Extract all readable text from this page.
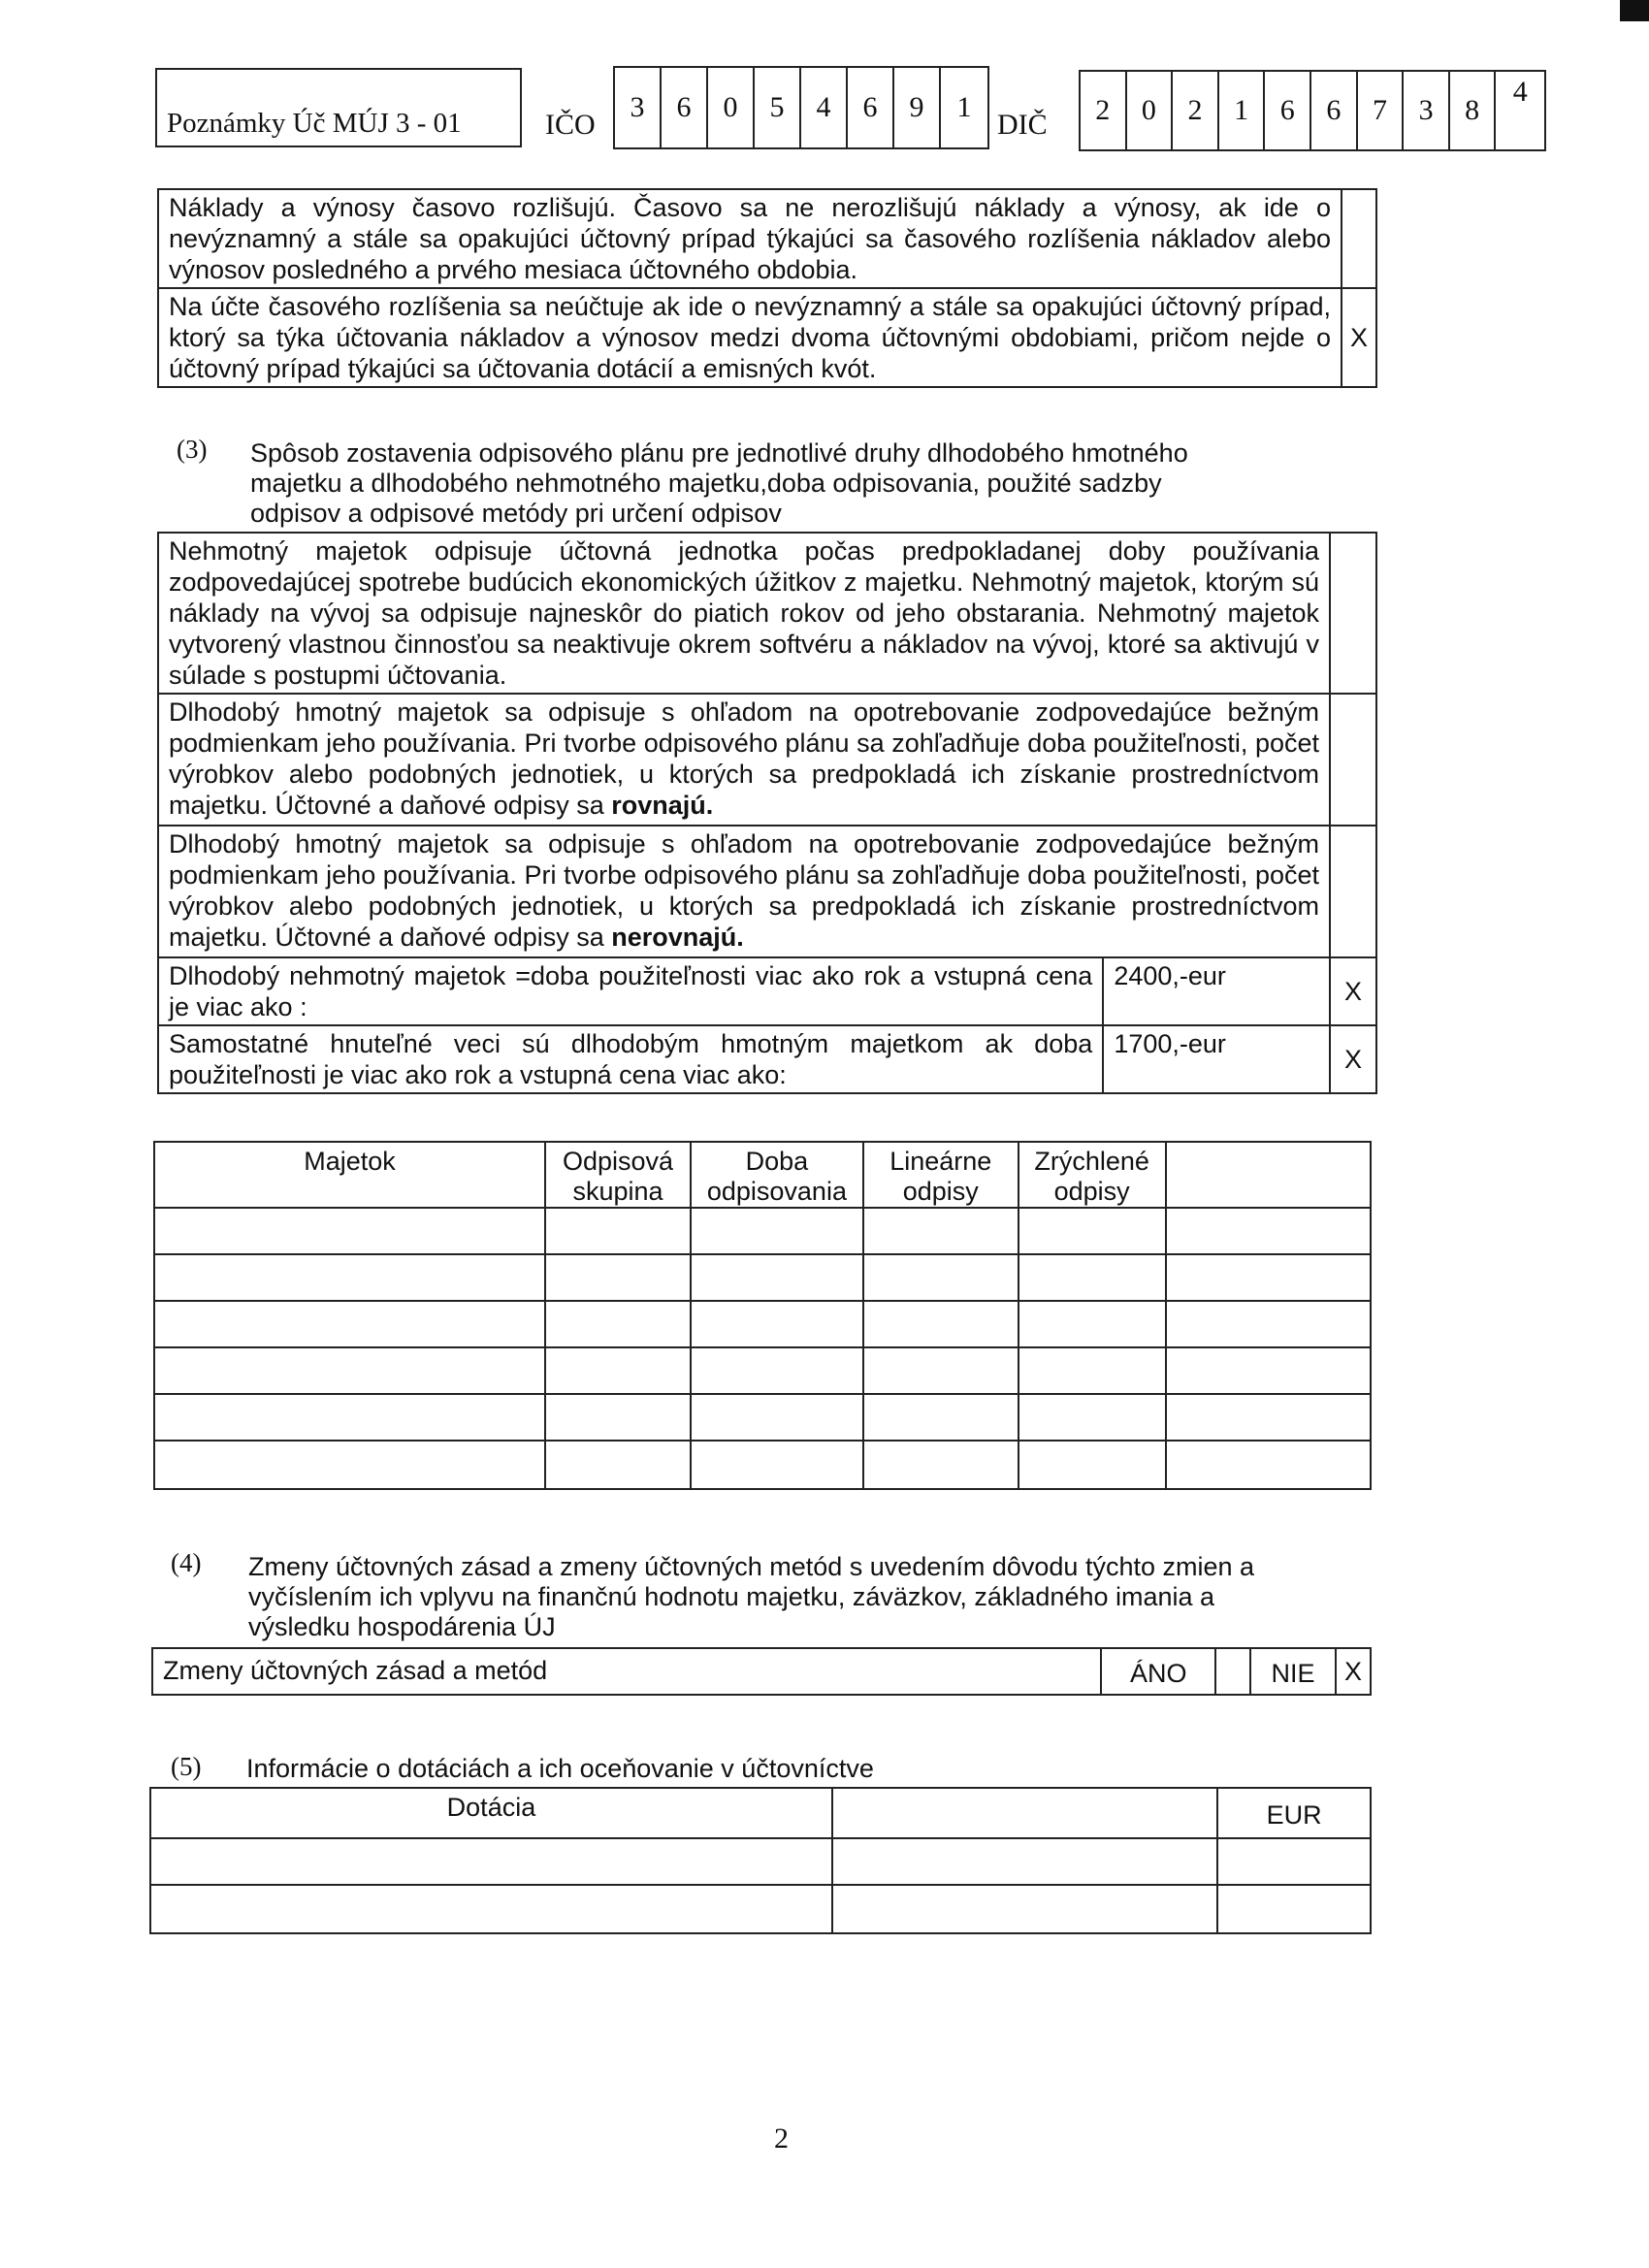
Poznámky Úč MÚJ 3 - 01	IČO
3	6	0	5	4	6	9	1
DIČ	2	0	2	1	6	6	7	3	8
4
Náklady a výnosy časovo rozlišujú. Časovo sa ne nerozlišujú náklady a výnosy, ak ide o nevýznamný a stále sa opakujúci účtovný prípad týkajúci sa časového rozlíšenia nákladov alebo výnosov posledného a prvého mesiaca účtovného obdobia.	

Na účte časového rozlíšenia sa neúčtuje ak ide o nevýznamný a stále sa opakujúci účtovný prípad, ktorý sa týka účtovania nákladov a výnosov medzi dvoma účtovnými obdobiami, pričom nejde o účtovný prípad týkajúci sa účtovania dotácií a emisných kvót.	X
(3) Spôsob zostavenia odpisového plánu pre jednotlivé druhy dlhodobého hmotného majetku a dlhodobého nehmotného majetku,doba odpisovania, použité sadzby odpisov a odpisové metódy pri určení odpisov
Nehmotný majetok odpisuje účtovná jednotka počas predpokladanej doby používania zodpovedajúcej spotrebe budúcich ekonomických úžitkov z majetku. Nehmotný majetok, ktorým sú náklady na vývoj sa odpisuje najneskôr do piatich rokov od jeho obstarania. Nehmotný majetok vytvorený vlastnou činnosťou sa neaktivuje okrem softvéru a nákladov na vývoj, ktoré sa aktivujú v súlade s postupmi účtovania.		

Dlhodobý hmotný majetok sa odpisuje s ohľadom na opotrebovanie zodpovedajúce bežným podmienkam jeho používania. Pri tvorbe odpisového plánu sa zohľadňuje doba použiteľnosti, počet výrobkov alebo podobných jednotiek, u ktorých sa predpokladá ich získanie prostredníctvom majetku. Účtovné a daňové odpisy sa rovnajú.		

Dlhodobý hmotný majetok sa odpisuje s ohľadom na opotrebovanie zodpovedajúce bežným podmienkam jeho používania. Pri tvorbe odpisového plánu sa zohľadňuje doba použiteľnosti, počet výrobkov alebo podobných jednotiek, u ktorých sa predpokladá ich získanie prostredníctvom majetku. Účtovné a daňové odpisy sa nerovnajú.		

Dlhodobý nehmotný majetok =doba použiteľnosti viac ako rok a vstupná cena je viac ako :	2400,-eur	X

Samostatné hnuteľné veci sú dlhodobým hmotným majetkom ak doba použiteľnosti je viac ako rok a vstupná cena viac ako:	1700,-eur	X
Majetok	Odpisová skupina	Doba odpisovania	Lineárne odpisy	Zrýchlené odpisy	

(4) Zmeny účtovných zásad a zmeny účtovných metód s uvedením dôvodu týchto zmien a vyčíslením ich vplyvu na finančnú hodnotu majetku, záväzkov, základného imania a výsledku hospodárenia ÚJ
Zmeny účtovných zásad a metód	ÁNO		NIE	X
(5) Informácie o dotáciách a ich oceňovanie v účtovníctve
Dotácia		EUR

2
